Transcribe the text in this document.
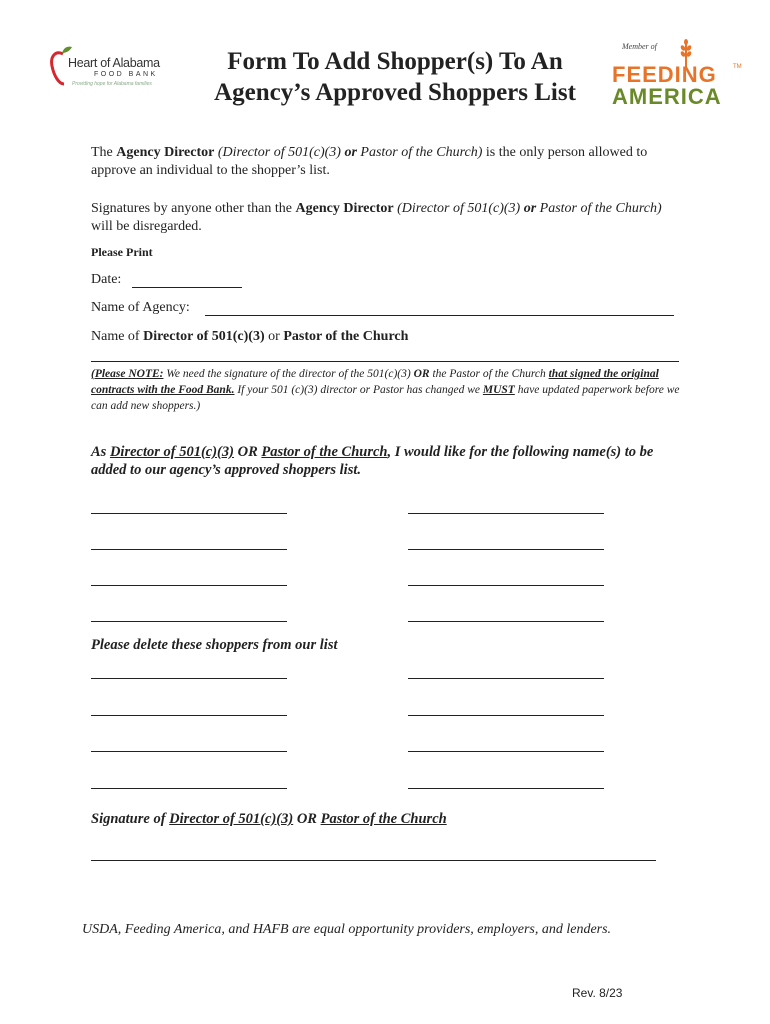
Heart of Alabama
FOOD BANK
Providing hope for Alabama families
Form To Add Shopper(s) To An
Agency’s Approved Shoppers List
Member of
FEEDING	TM
AMERICA
The Agency Director (Director of 501(c)(3) or Pastor of the Church) is the only person allowed to approve an individual to the shopper’s list.
Signatures by anyone other than the Agency Director (Director of 501(c)(3) or Pastor of the Church) will be disregarded.
Please Print
Date:
Name of Agency:
Name of Director of 501(c)(3) or Pastor of the Church
(Please NOTE: We need the signature of the director of the 501(c)(3) OR the Pastor of the Church that signed the original contracts with the Food Bank. If your 501 (c)(3) director or Pastor has changed we MUST have updated paperwork before we can add new shoppers.)
As Director of 501(c)(3) OR Pastor of the Church, I would like for the following name(s) to be added to our agency’s approved shoppers list.
Please delete these shoppers from our list
Signature of Director of 501(c)(3) OR Pastor of the Church
USDA, Feeding America, and HAFB are equal opportunity providers, employers, and lenders.
Rev. 8/23
